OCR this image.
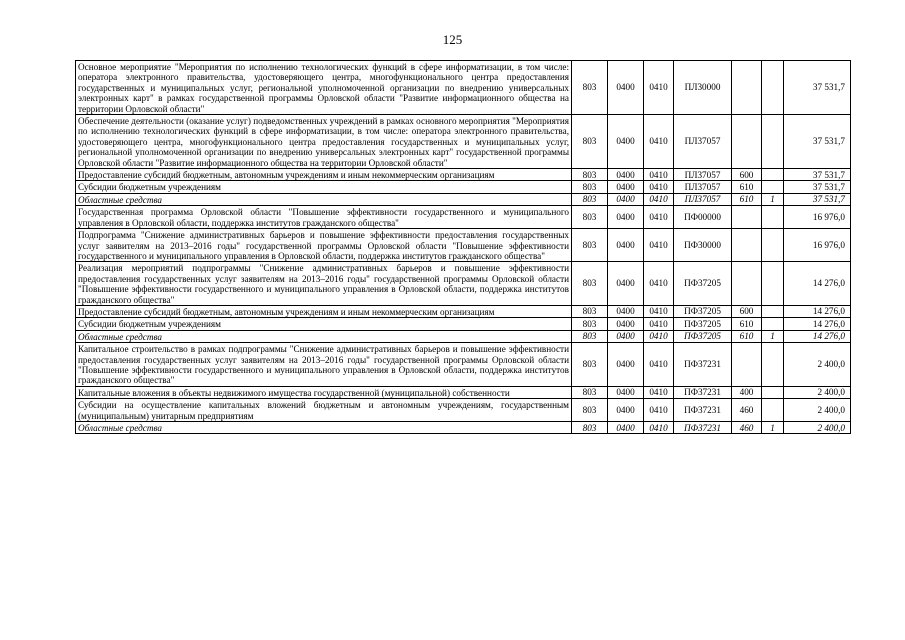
125
Основное мероприятие "Мероприятия по исполнению технологических функций в сфере информатизации, в том числе: оператора электронного правительства, удостоверяющего центра, многофункционального центра предоставления государственных и муниципальных услуг, региональной уполномоченной организации по внедрению универсальных электронных карт" в рамках государственной программы Орловской области "Развитие информационного общества на территории Орловской области"	803	0400	0410	ПЛ30000			37 531,7
Обеспечение деятельности (оказание услуг) подведомственных учреждений в рамках основного мероприятия "Мероприятия по исполнению технологических функций в сфере информатизации, в том числе: оператора электронного правительства, удостоверяющего центра, многофункционального центра предоставления государственных и муниципальных услуг, региональной уполномоченной организации по внедрению универсальных электронных карт" государственной программы Орловской области "Развитие информационного общества на территории Орловской области"	803	0400	0410	ПЛ37057			37 531,7
Предоставление субсидий бюджетным, автономным учреждениям и иным некоммерческим организациям	803	0400	0410	ПЛ37057	600		37 531,7
Субсидии бюджетным учреждениям	803	0400	0410	ПЛ37057	610		37 531,7
Областные средства	803	0400	0410	ПЛ37057	610	1	37 531,7
Государственная программа Орловской области "Повышение эффективности государственного и муниципального управления в Орловской области, поддержка институтов гражданского общества"	803	0400	0410	ПФ00000			16 976,0
Подпрограмма "Снижение административных барьеров и повышение эффективности предоставления государственных услуг заявителям на 2013–2016 годы" государственной программы Орловской области "Повышение эффективности государственного и муниципального управления в Орловской области, поддержка институтов гражданского общества"	803	0400	0410	ПФ30000			16 976,0
Реализация мероприятий подпрограммы "Снижение административных барьеров и повышение эффективности предоставления государственных услуг заявителям на 2013–2016 годы" государственной программы Орловской области "Повышение эффективности государственного и муниципального управления в Орловской области, поддержка институтов гражданского общества"	803	0400	0410	ПФ37205			14 276,0
Предоставление субсидий бюджетным, автономным учреждениям и иным некоммерческим организациям	803	0400	0410	ПФ37205	600		14 276,0
Субсидии бюджетным учреждениям	803	0400	0410	ПФ37205	610		14 276,0
Областные средства	803	0400	0410	ПФ37205	610	1	14 276,0
Капитальное строительство в рамках подпрограммы "Снижение административных барьеров и повышение эффективности предоставления государственных услуг заявителям на 2013–2016 годы" государственной программы Орловской области "Повышение эффективности государственного и муниципального управления в Орловской области, поддержка институтов гражданского общества"	803	0400	0410	ПФ37231			2 400,0
Капитальные вложения в объекты недвижимого имущества государственной (муниципальной) собственности	803	0400	0410	ПФ37231	400		2 400,0
Субсидии на осуществление капитальных вложений бюджетным и автономным учреждениям, государственным (муниципальным) унитарным предприятиям	803	0400	0410	ПФ37231	460		2 400,0
Областные средства	803	0400	0410	ПФ37231	460	1	2 400,0
